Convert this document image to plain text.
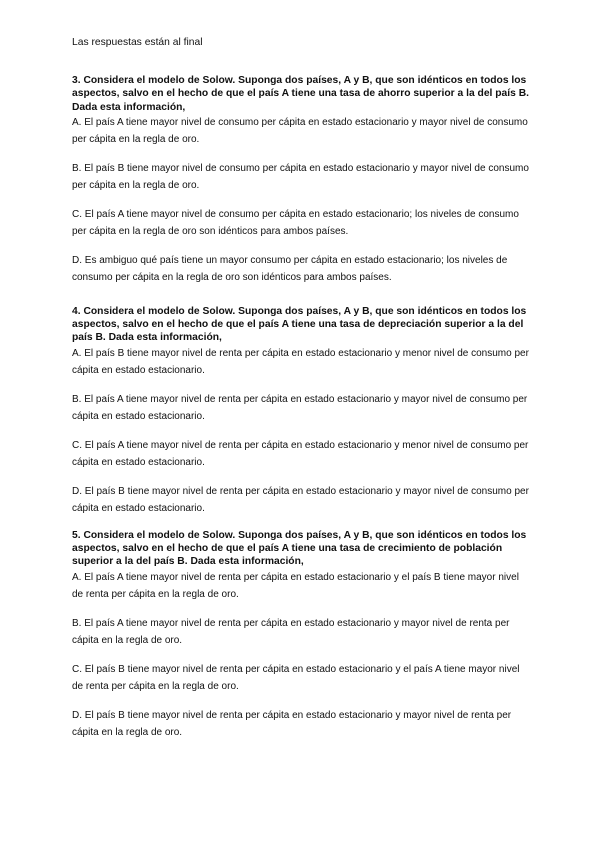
Las respuestas están al final

3. Considera el modelo de Solow. Suponga dos países, A y B, que son idénticos en todos los aspectos, salvo en el hecho de que el país A tiene una tasa de ahorro superior a la del país B. Dada esta información,

A. El país A tiene mayor nivel de consumo per cápita en estado estacionario y mayor nivel de consumo per cápita en la regla de oro.

B. El país B tiene mayor nivel de consumo per cápita en estado estacionario y mayor nivel de consumo per cápita en la regla de oro.

C. El país A tiene mayor nivel de consumo per cápita en estado estacionario; los niveles de consumo per cápita en la regla de oro son idénticos para ambos países.

D. Es ambiguo qué país tiene un mayor consumo per cápita en estado estacionario; los niveles de consumo per cápita en la regla de oro son idénticos para ambos países.

4. Considera el modelo de Solow. Suponga dos países, A y B, que son idénticos en todos los aspectos, salvo en el hecho de que el país A tiene una tasa de depreciación superior a la del país B. Dada esta información,

A. El país B tiene mayor nivel de renta per cápita en estado estacionario y menor nivel de consumo per cápita en estado estacionario.

B. El país A tiene mayor nivel de renta per cápita en estado estacionario y mayor nivel de consumo per cápita en estado estacionario.

C. El país A tiene mayor nivel de renta per cápita en estado estacionario y menor nivel de consumo per cápita en estado estacionario.

D. El país B tiene mayor nivel de renta per cápita en estado estacionario y mayor nivel de consumo per cápita en estado estacionario.

5. Considera el modelo de Solow. Suponga dos países, A y B, que son idénticos en todos los aspectos, salvo en el hecho de que el país A tiene una tasa de crecimiento de población superior a la del país B. Dada esta información,

A. El país A tiene mayor nivel de renta per cápita en estado estacionario y el país B tiene mayor nivel de renta per cápita en la regla de oro.

B. El país A tiene mayor nivel de renta per cápita en estado estacionario y mayor nivel de renta per cápita en la regla de oro.

C. El país B tiene mayor nivel de renta per cápita en estado estacionario y el país A tiene mayor nivel de renta per cápita en la regla de oro.

D. El país B tiene mayor nivel de renta per cápita en estado estacionario y mayor nivel de renta per cápita en la regla de oro.
